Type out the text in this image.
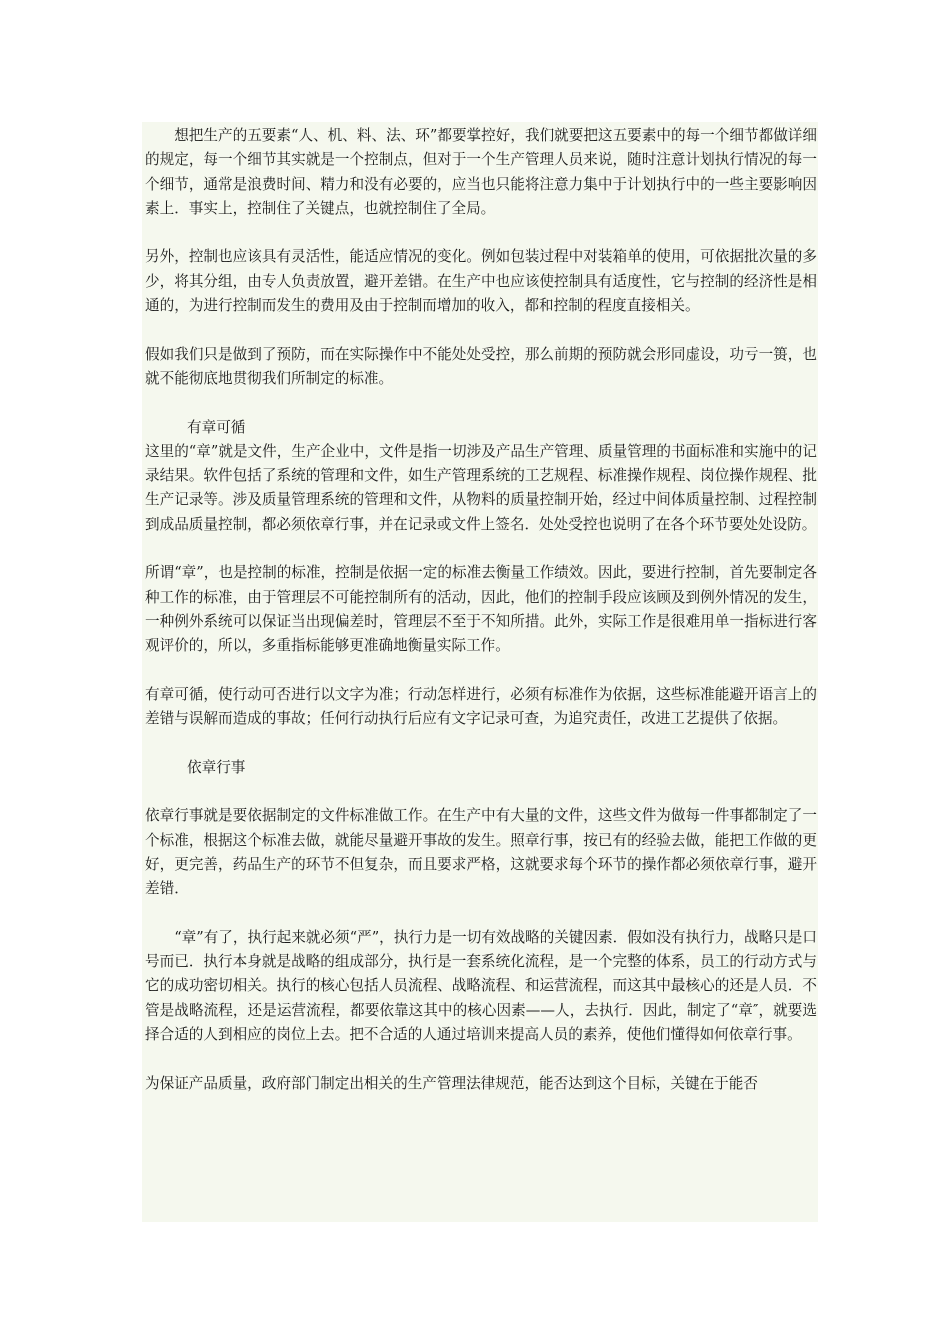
想把生产的五要素“人、机、料、法、环”都要掌控好，我们就要把这五要素中的每一个细节都做详细的规定，每一个细节其实就是一个控制点，但对于一个生产管理人员来说，随时注意计划执行情况的每一个细节，通常是浪费时间、精力和没有必要的，应当也只能将注意力集中于计划执行中的一些主要影响因素上．事实上，控制住了关键点，也就控制住了全局。

另外，控制也应该具有灵活性，能适应情况的变化。例如包装过程中对装箱单的使用，可依据批次量的多少，将其分组，由专人负责放置，避开差错。在生产中也应该使控制具有适度性，它与控制的经济性是相通的，为进行控制而发生的费用及由于控制而增加的收入，都和控制的程度直接相关。

假如我们只是做到了预防，而在实际操作中不能处处受控，那么前期的预防就会形同虚设，功亏一篑，也就不能彻底地贯彻我们所制定的标准。

有章可循

这里的“章”就是文件，生产企业中，文件是指一切涉及产品生产管理、质量管理的书面标准和实施中的记录结果。软件包括了系统的管理和文件，如生产管理系统的工艺规程、标准操作规程、岗位操作规程、批生产记录等。涉及质量管理系统的管理和文件，从物料的质量控制开始，经过中间体质量控制、过程控制到成品质量控制，都必须依章行事，并在记录或文件上签名．处处受控也说明了在各个环节要处处设防。

所谓“章”，也是控制的标准，控制是依据一定的标准去衡量工作绩效。因此，要进行控制，首先要制定各种工作的标准，由于管理层不可能控制所有的活动，因此，他们的控制手段应该顾及到例外情况的发生，一种例外系统可以保证当出现偏差时，管理层不至于不知所措。此外，实际工作是很难用单一指标进行客观评价的，所以，多重指标能够更准确地衡量实际工作。

有章可循，使行动可否进行以文字为准；行动怎样进行，必须有标准作为依据，这些标准能避开语言上的差错与误解而造成的事故；任何行动执行后应有文字记录可查，为追究责任，改进工艺提供了依据。

依章行事

依章行事就是要依据制定的文件标准做工作。在生产中有大量的文件，这些文件为做每一件事都制定了一个标准，根据这个标准去做，就能尽量避开事故的发生。照章行事，按已有的经验去做，能把工作做的更好，更完善，药品生产的环节不但复杂，而且要求严格，这就要求每个环节的操作都必须依章行事，避开差错．

“章”有了，执行起来就必须“严”，执行力是一切有效战略的关键因素．假如没有执行力，战略只是口号而已．执行本身就是战略的组成部分，执行是一套系统化流程，是一个完整的体系，员工的行动方式与它的成功密切相关。执行的核心包括人员流程、战略流程、和运营流程，而这其中最核心的还是人员．不管是战略流程，还是运营流程，都要依靠这其中的核心因素——人，去执行．因此，制定了“章″，就要选择合适的人到相应的岗位上去。把不合适的人通过培训来提高人员的素养，使他们懂得如何依章行事。

为保证产品质量，政府部门制定出相关的生产管理法律规范，能否达到这个目标，关键在于能否
